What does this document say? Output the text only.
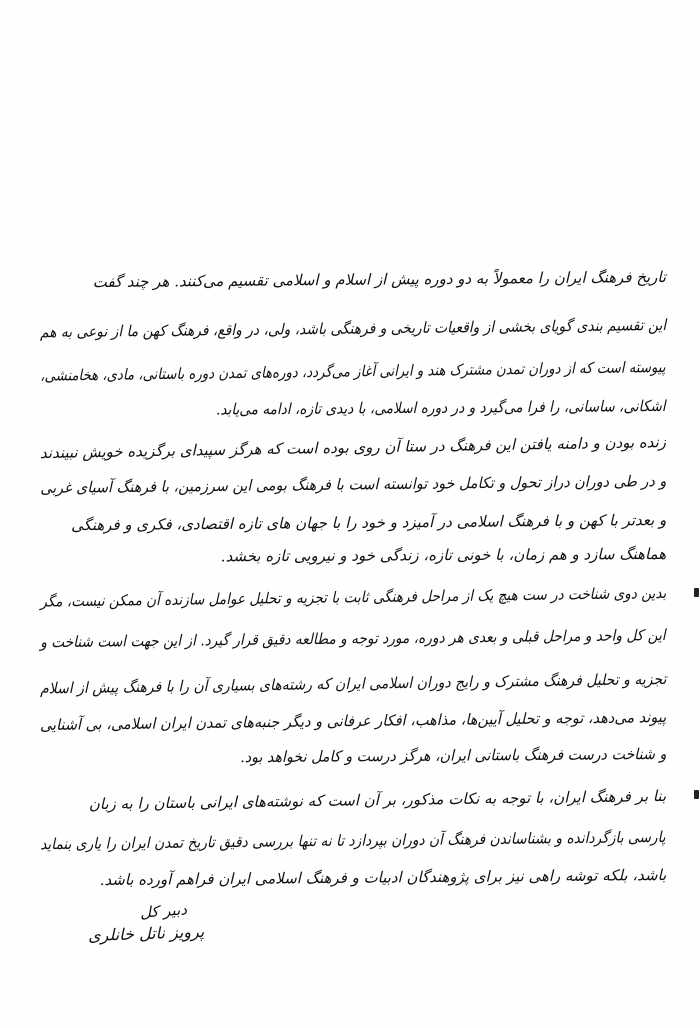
تاریخ فرهنگ ایران را معمولاً به دو دوره پیش از اسلام و اسلامی تقسیم می‌کنند. هر چند گفت
این تقسیم بندی گویای بخشی از واقعیات تاریخی و فرهنگی باشد، ولی، در واقع، فرهنگ کهن ما از نوعی به هم
پیوسته است که از دوران تمدن مشترک هند و ایرانی آغاز می‌گردد، دوره‌های تمدن دوره باستانی، مادی، هخامنشی،
اشکانی، ساسانی، را فرا می‌گیرد و در دوره اسلامی، با دیدی تازه، ادامه می‌یابد.
زنده بودن و دامنه یافتن این فرهنگ در ستا آن روی بوده است که هرگز سپیدای برگزیده خویش نبیندند
و در طی دوران دراز تحول و تکامل خود توانسته است با فرهنگ بومی این سرزمین، با فرهنگ آسیای غربی
و بعدتر با کهن و با فرهنگ اسلامی در آمیزد و خود را با جهان های تازه اقتصادی، فکری و فرهنگی
هماهنگ سازد و هم زمان، با خونی تازه، زندگی خود و نیرویی تازه بخشد.
بدین دوی شناخت در ست هیچ یک از مراحل فرهنگی ثابت با تجزیه و تحلیل عوامل سازنده آن ممکن نیست، مگر
این کل واحد و مراحل قبلی و بعدی هر دوره، مورد توجه و مطالعه دقیق قرار گیرد. از این جهت است شناخت و
تجزیه و تحلیل فرهنگ مشترک و رایج دوران اسلامی ایران که رشته‌های بسیاری آن را با فرهنگ پیش از اسلام
پیوند می‌دهد، توجه و تحلیل آیین‌ها، مذاهب، افکار عرفانی و دیگر جنبه‌های تمدن ایران اسلامی، بی آشنایی
و شناخت درست فرهنگ باستانی ایران، هرگز درست و کامل نخواهد بود.
بنا بر فرهنگ ایران، با توجه به نکات مذکور، بر آن است که نوشته‌های ایرانی باستان را به زبان
پارسی بازگردانده و بشناساندن فرهنگ آن دوران بپردازد تا نه تنها بررسی دقیق تاریخ تمدن ایران را یاری بنماید
باشد، بلکه توشه راهی نیز برای پژوهندگان ادبیات و فرهنگ اسلامی ایران فراهم آورده باشد.
دبیر کل
پرویز ناتل خانلری
